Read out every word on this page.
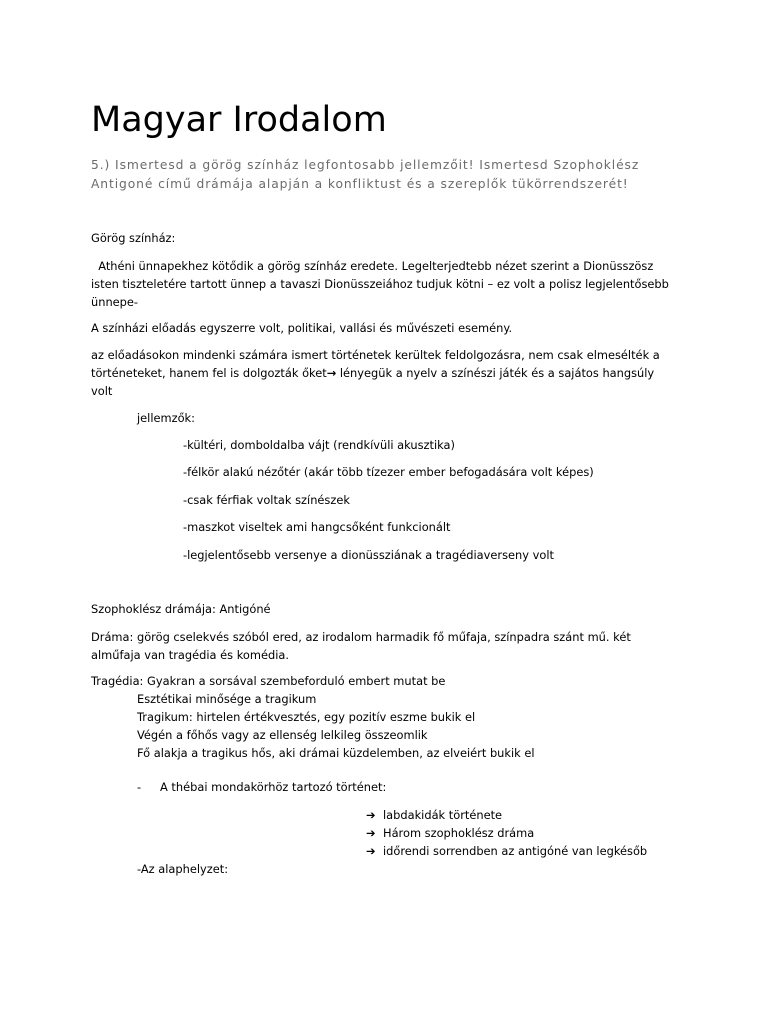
Magyar Irodalom
5.) Ismertesd a görög színház legfontosabb jellemzőit! Ismertesd Szophoklész Antigoné című drámája alapján a konfliktust és a szereplők tükörrendszerét!
Görög színház:
Athéni ünnapekhez kötődik a görög színház eredete. Legelterjedtebb nézet szerint a Dionüsszösz isten tiszteletére tartott ünnep a tavaszi Dionüsszeiához tudjuk kötni – ez volt a polisz legjelentősebb ünnepe-
A színházi előadás egyszerre volt, politikai, vallási és művészeti esemény.
az előadásokon mindenki számára ismert történetek kerültek feldolgozásra, nem csak elmesélték a történeteket, hanem fel is dolgozták őket→ lényegük a nyelv a színészi játék és a sajátos hangsúly volt
jellemzők:
-kültéri, domboldalba vájt (rendkívüli akusztika)
-félkör alakú nézőtér (akár több tízezer ember befogadására volt képes)
-csak férfiak voltak színészek
-maszkot viseltek ami hangcsőként funkcionált
-legjelentősebb versenye a dionüssziának a tragédiaverseny volt
Szophoklész drámája: Antigóné
Dráma: görög cselekvés szóból ered, az irodalom harmadik fő műfaja, színpadra szánt mű. két alműfaja van tragédia és komédia.
Tragédia: Gyakran a sorsával szembeforduló embert mutat be
Esztétikai minősége a tragikum
Tragikum: hirtelen értékvesztés, egy pozitív eszme bukik el
Végén a főhős vagy az ellenség lelkileg összeomlik
Fő alakja a tragikus hős, aki drámai küzdelemben, az elveiért bukik el
- A thébai mondakörhöz tartozó történet:
➔ labdakidák története
➔ Három szophoklész dráma
➔ időrendi sorrendben az antigóné van legkésőb
-Az alaphelyzet:
